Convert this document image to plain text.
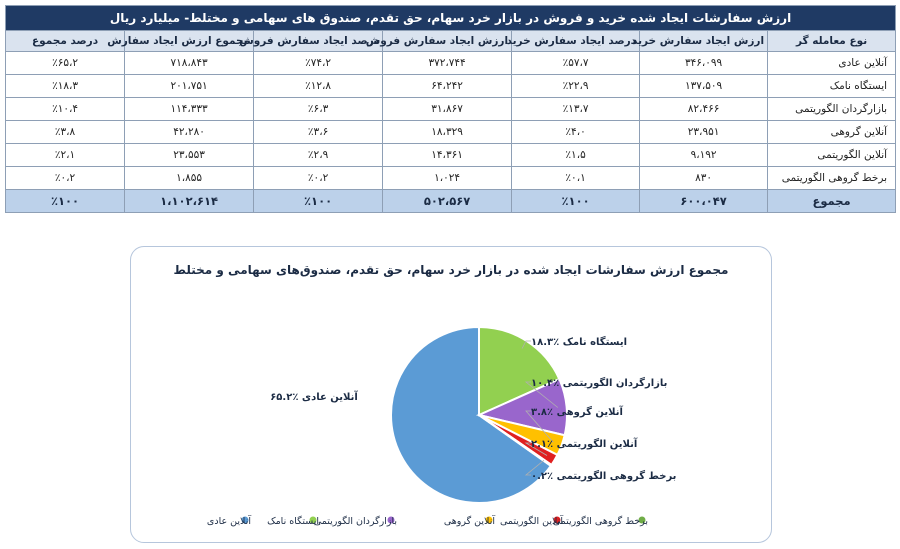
ارزش سفارشات ایجاد شده خرید و فروش در بازار خرد سهام، حق تقدم، صندوق های سهامی و مختلط- میلیارد ریال						
نوع معامله گر	ارزش ایجاد سفارش خرید	درصد ایجاد سفارش خرید	ارزش ایجاد سفارش فروش	درصد ایجاد سفارش فروش	مجموع ارزش ایجاد سفارش	درصد مجموع
آنلاین عادی	۳۴۶،۰۹۹	٪۵۷،۷	۳۷۲،۷۴۴	٪۷۴،۲	۷۱۸،۸۴۳	٪۶۵،۲
ایستگاه نامک	۱۳۷،۵۰۹	٪۲۲،۹	۶۴،۲۴۲	٪۱۲،۸	۲۰۱،۷۵۱	٪۱۸،۳
بازارگردان الگوریتمی	۸۲،۴۶۶	٪۱۳،۷	۳۱،۸۶۷	٪۶،۳	۱۱۴،۳۳۳	٪۱۰،۴
آنلاین گروهی	۲۳،۹۵۱	٪۴،۰	۱۸،۳۲۹	٪۳،۶	۴۲،۲۸۰	٪۳،۸
آنلاین الگوریتمی	۹،۱۹۲	٪۱،۵	۱۴،۳۶۱	٪۲،۹	۲۳،۵۵۳	٪۲،۱
برخط گروهی الگوریتمی	۸۳۰	٪۰،۱	۱،۰۲۴	٪۰،۲	۱،۸۵۵	٪۰،۲
مجموع	۶۰۰،۰۴۷	٪۱۰۰	۵۰۲،۵۶۷	٪۱۰۰	۱،۱۰۲،۶۱۴	٪۱۰۰
مجموع ارزش سفارشات ایجاد شده در بازار خرد سهام، حق تقدم، صندوق‌های سهامی و مختلط
آنلاین عادی ٪۶۵.۲
ایستگاه نامک ٪۱۸.۳
بازارگردان الگوریتمی ٪۱۰.۴
آنلاین گروهی ٪۳.۸
آنلاین الگوریتمی ٪۲.۱
برخط گروهی الگوریتمی ٪۰.۲
آنلاین عادی ایستگاه نامک
بازارگردان الگوریتمی	آنلاین گروهی آنلاین الگوریتمی
برخط گروهی الگوریتمی
